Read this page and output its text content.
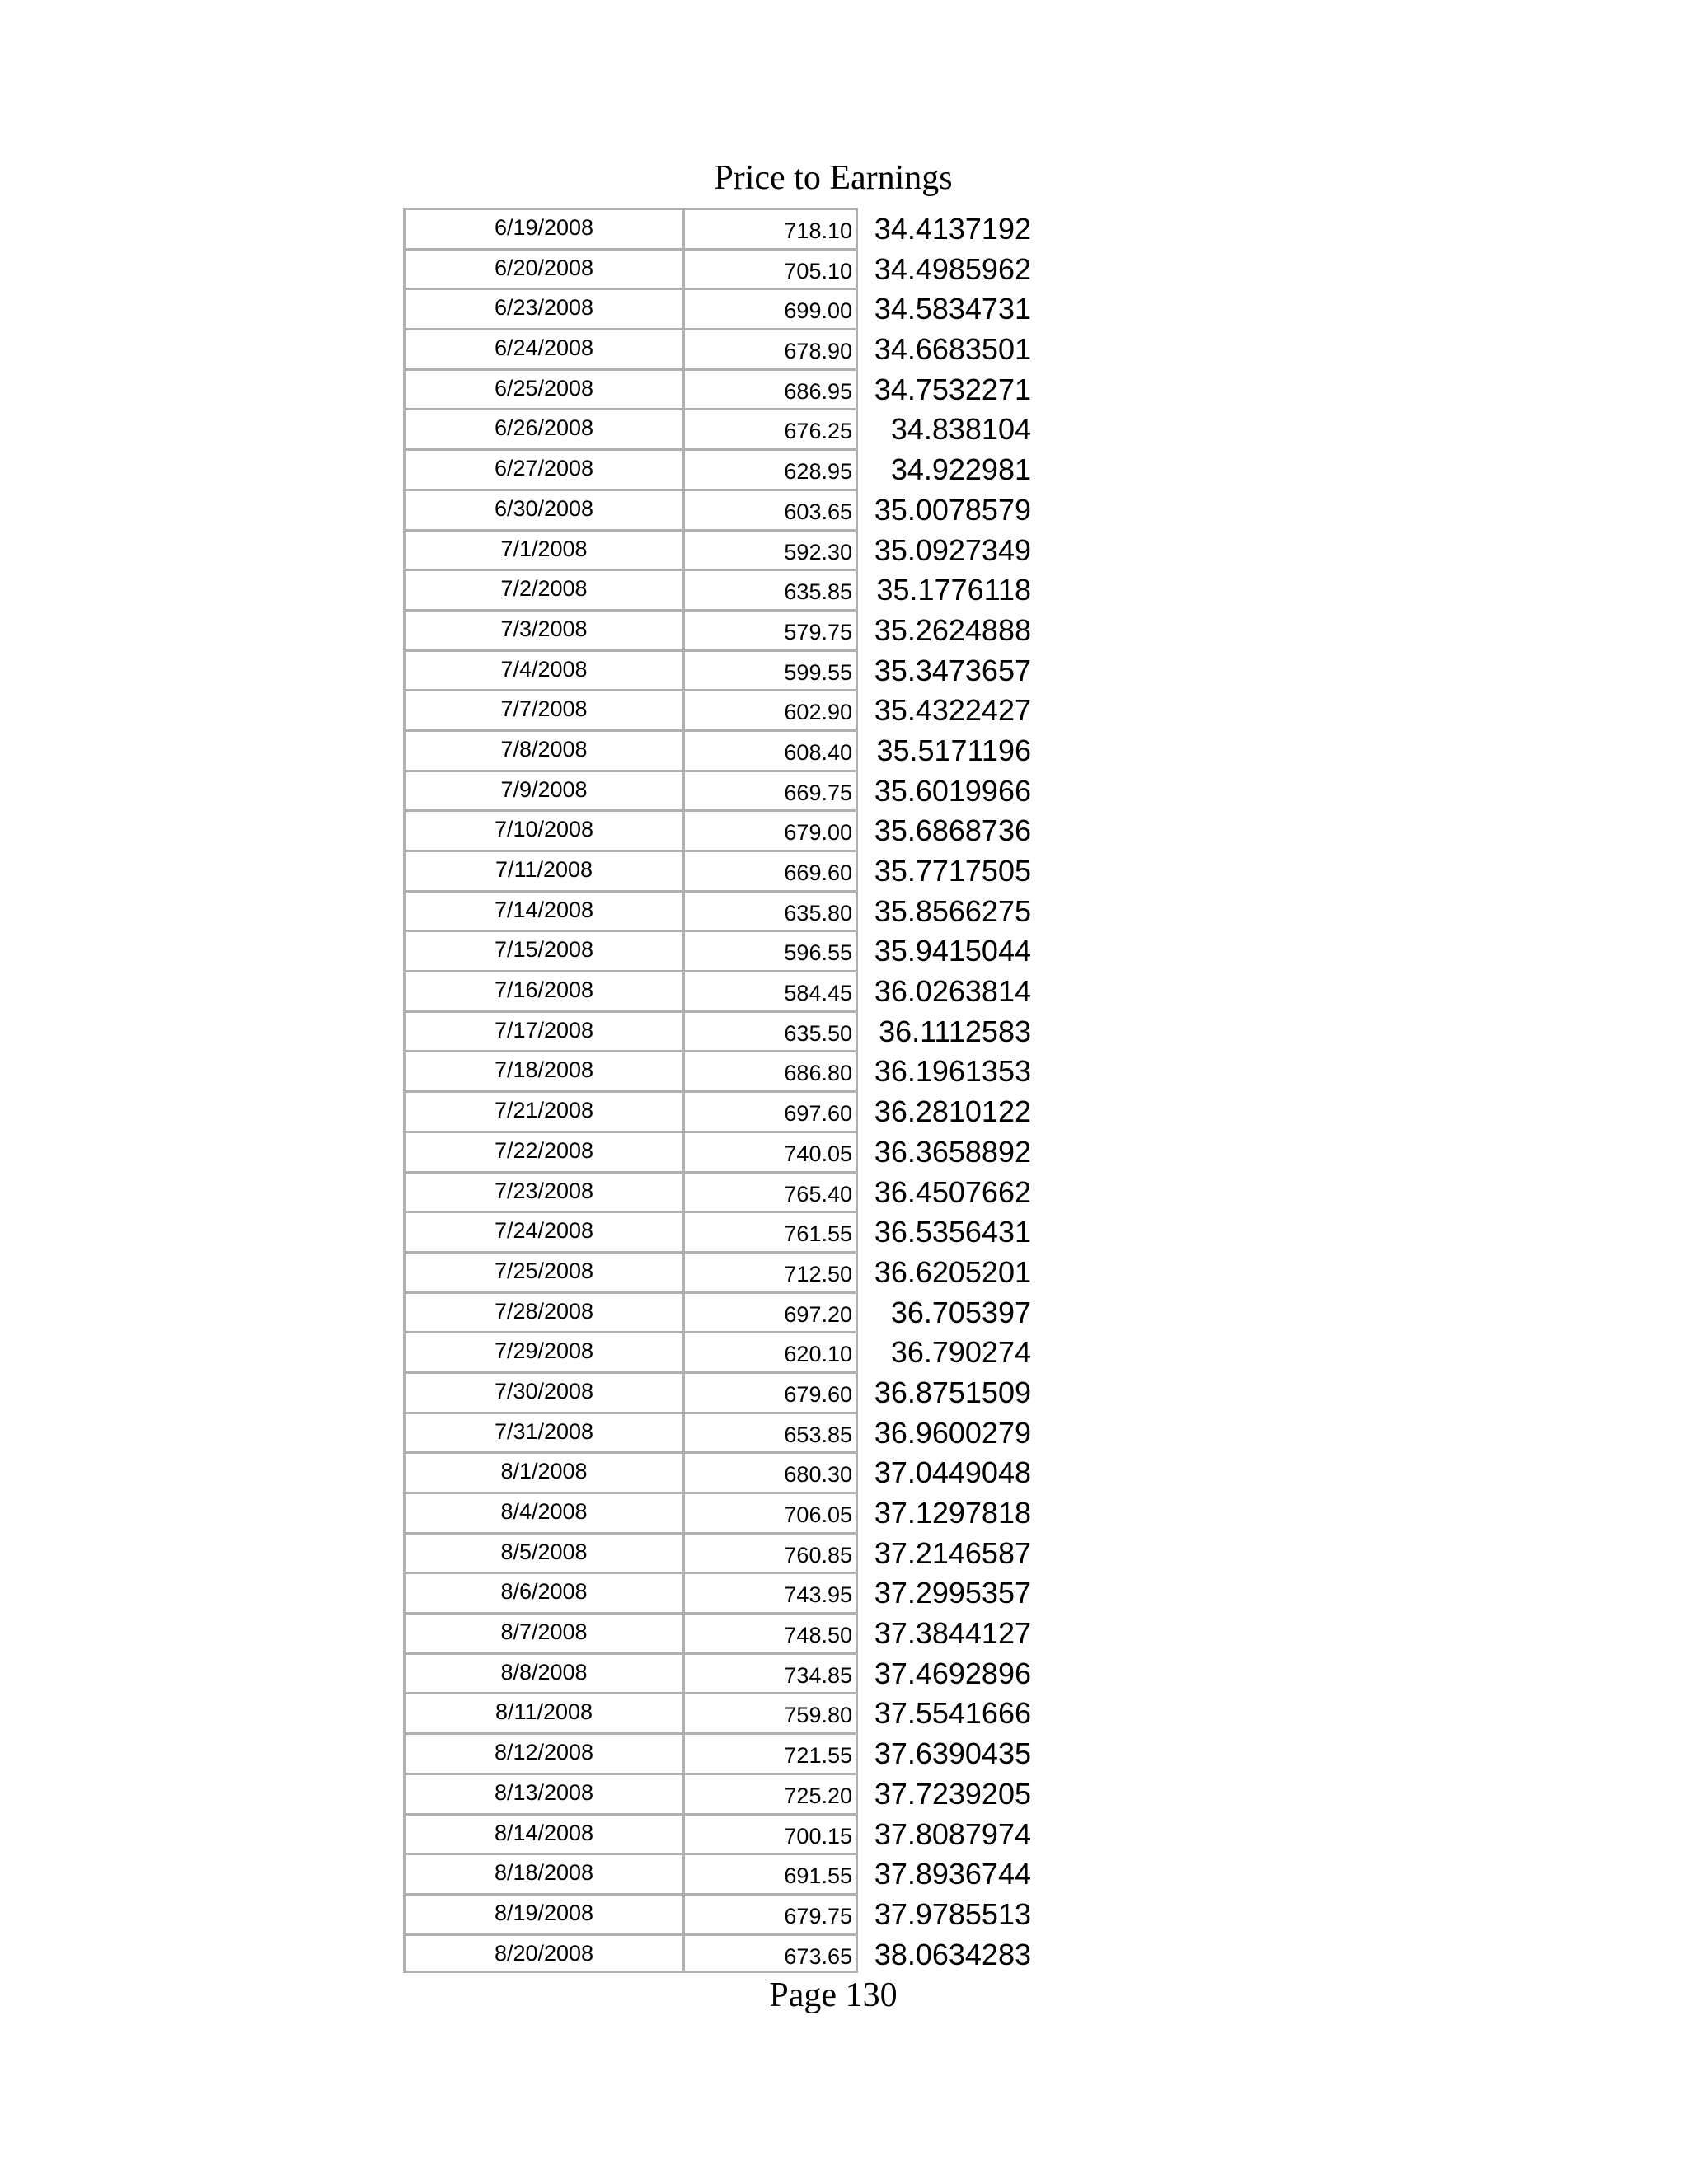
Price to Earnings
6/19/2008	718.10 34.4137192
6/20/2008	705.10 34.4985962
6/23/2008	699.00 34.5834731
6/24/2008	678.90 34.6683501
6/25/2008	686.95 34.7532271
6/26/2008	676.25	34.838104
6/27/2008	628.95	34.922981
6/30/2008	603.65 35.0078579
7/1/2008	592.30 35.0927349
7/2/2008	635.85 35.1776118
7/3/2008	579.75 35.2624888
7/4/2008	599.55 35.3473657
7/7/2008	602.90 35.4322427
7/8/2008	608.40 35.5171196
7/9/2008	669.75 35.6019966
7/10/2008	679.00 35.6868736
7/11/2008	669.60 35.7717505
7/14/2008	635.80 35.8566275
7/15/2008	596.55 35.9415044
7/16/2008	584.45 36.0263814
7/17/2008	635.50 36.1112583
7/18/2008	686.80 36.1961353
7/21/2008	697.60 36.2810122
7/22/2008	740.05 36.3658892
7/23/2008	765.40 36.4507662
7/24/2008	761.55 36.5356431
7/25/2008	712.50 36.6205201
7/28/2008	697.20	36.705397
7/29/2008	620.10	36.790274
7/30/2008	679.60 36.8751509
7/31/2008	653.85 36.9600279
8/1/2008	680.30 37.0449048
8/4/2008	706.05 37.1297818
8/5/2008	760.85 37.2146587
8/6/2008	743.95 37.2995357
8/7/2008	748.50 37.3844127
8/8/2008	734.85 37.4692896
8/11/2008	759.80 37.5541666
8/12/2008	721.55 37.6390435
8/13/2008	725.20 37.7239205
8/14/2008	700.15 37.8087974
8/18/2008	691.55 37.8936744
8/19/2008	679.75 37.9785513
8/20/2008	673.65 38.0634283
Page 130
